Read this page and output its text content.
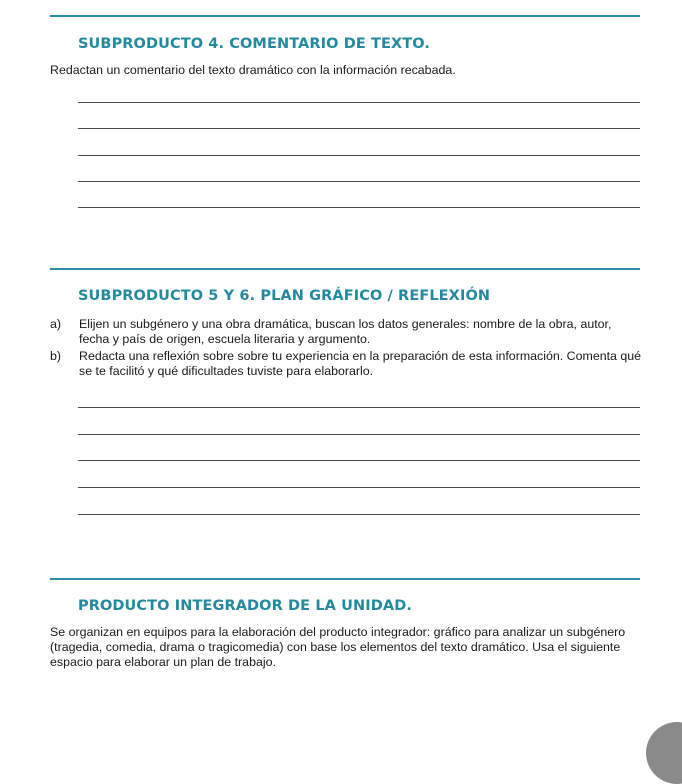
SUBPRODUCTO 4. COMENTARIO DE TEXTO.

Redactan un comentario del texto dramático con la información recabada.

SUBPRODUCTO 5 Y 6. PLAN GRÁFICO / REFLEXIÓN
a)	Elijen un subgénero y una obra dramática, buscan los datos generales: nombre de la obra, autor, fecha y país de origen, escuela literaria y argumento.
b)	Redacta una reflexión sobre sobre tu experiencia en la preparación de esta información. Comenta qué se te facilitó y qué dificultades tuviste para elaborarlo.
PRODUCTO INTEGRADOR DE LA UNIDAD.

Se organizan en equipos para la elaboración del producto integrador: gráfico para analizar un subgénero (tragedia, comedia, drama o tragicomedia) con base los elementos del texto dramático. Usa el siguiente espacio para elaborar un plan de trabajo.
